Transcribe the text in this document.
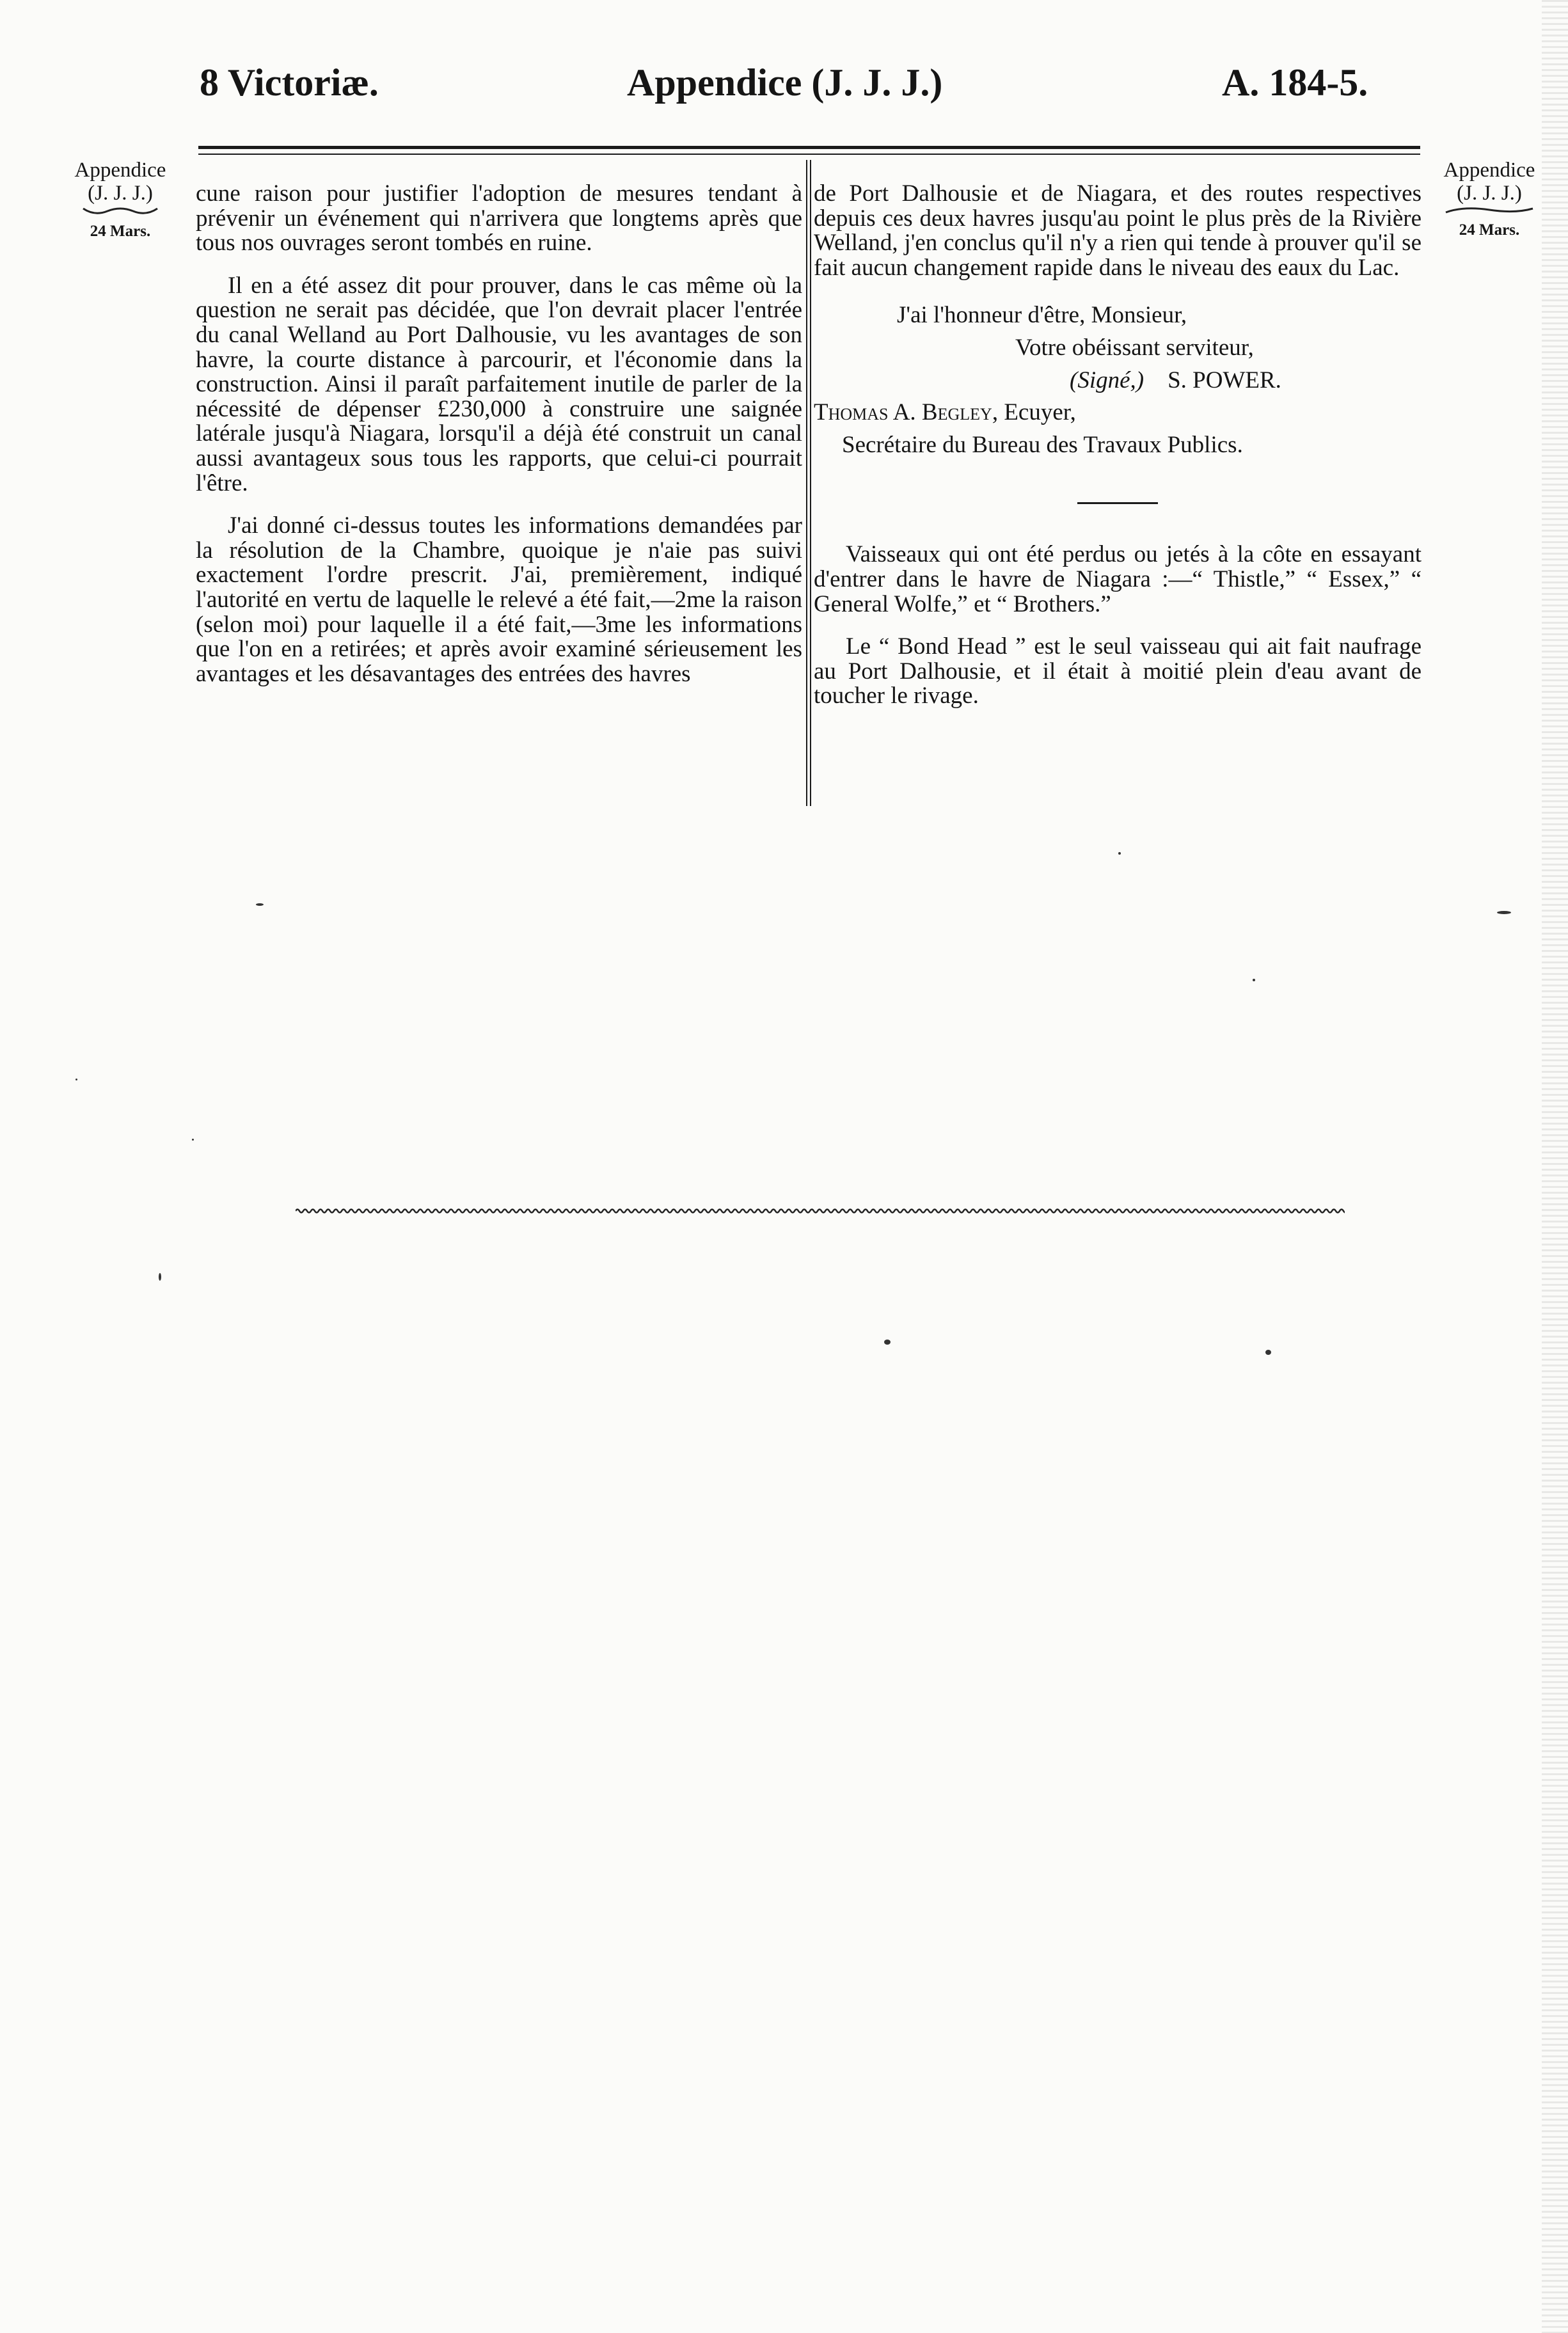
8 Victoriæ.	Appendice (J. J. J.)	A. 184-5.
Appendice
(J. J. J.)
24 Mars.
Appendice
(J. J. J.)
24 Mars.

cune raison pour justifier l'adoption de mesures tendant à prévenir un événement qui n'arrivera que longtems après que tous nos ouvrages seront tombés en ruine.

Il en a été assez dit pour prouver, dans le cas même où la question ne serait pas décidée, que l'on devrait placer l'entrée du canal Welland au Port Dalhousie, vu les avantages de son havre, la courte distance à parcourir, et l'économie dans la construction. Ainsi il paraît parfaitement inutile de parler de la nécessité de dépenser £230,000 à construire une saignée latérale jusqu'à Niagara, lorsqu'il a déjà été construit un canal aussi avantageux sous tous les rapports, que celui-ci pourrait l'être.

J'ai donné ci-dessus toutes les informations demandées par la résolution de la Chambre, quoique je n'aie pas suivi exactement l'ordre prescrit. J'ai, premièrement, indiqué l'autorité en vertu de laquelle le relevé a été fait,—2me la raison (selon moi) pour laquelle il a été fait,—3me les informations que l'on en a retirées; et après avoir examiné sérieusement les avantages et les désavantages des entrées des havres

de Port Dalhousie et de Niagara, et des routes respectives depuis ces deux havres jusqu'au point le plus près de la Rivière Welland, j'en conclus qu'il n'y a rien qui tende à prouver qu'il se fait aucun changement rapide dans le niveau des eaux du Lac.

J'ai l'honneur d'être, Monsieur,

Votre obéissant serviteur,

(Signé,) S. POWER.

Thomas A. Begley, Ecuyer,

Secrétaire du Bureau des Travaux Publics.

Vaisseaux qui ont été perdus ou jetés à la côte en essayant d'entrer dans le havre de Niagara :—“ Thistle,” “ Essex,” “ General Wolfe,” et “ Brothers.”

Le “ Bond Head ” est le seul vaisseau qui ait fait naufrage au Port Dalhousie, et il était à moitié plein d'eau avant de toucher le rivage.
